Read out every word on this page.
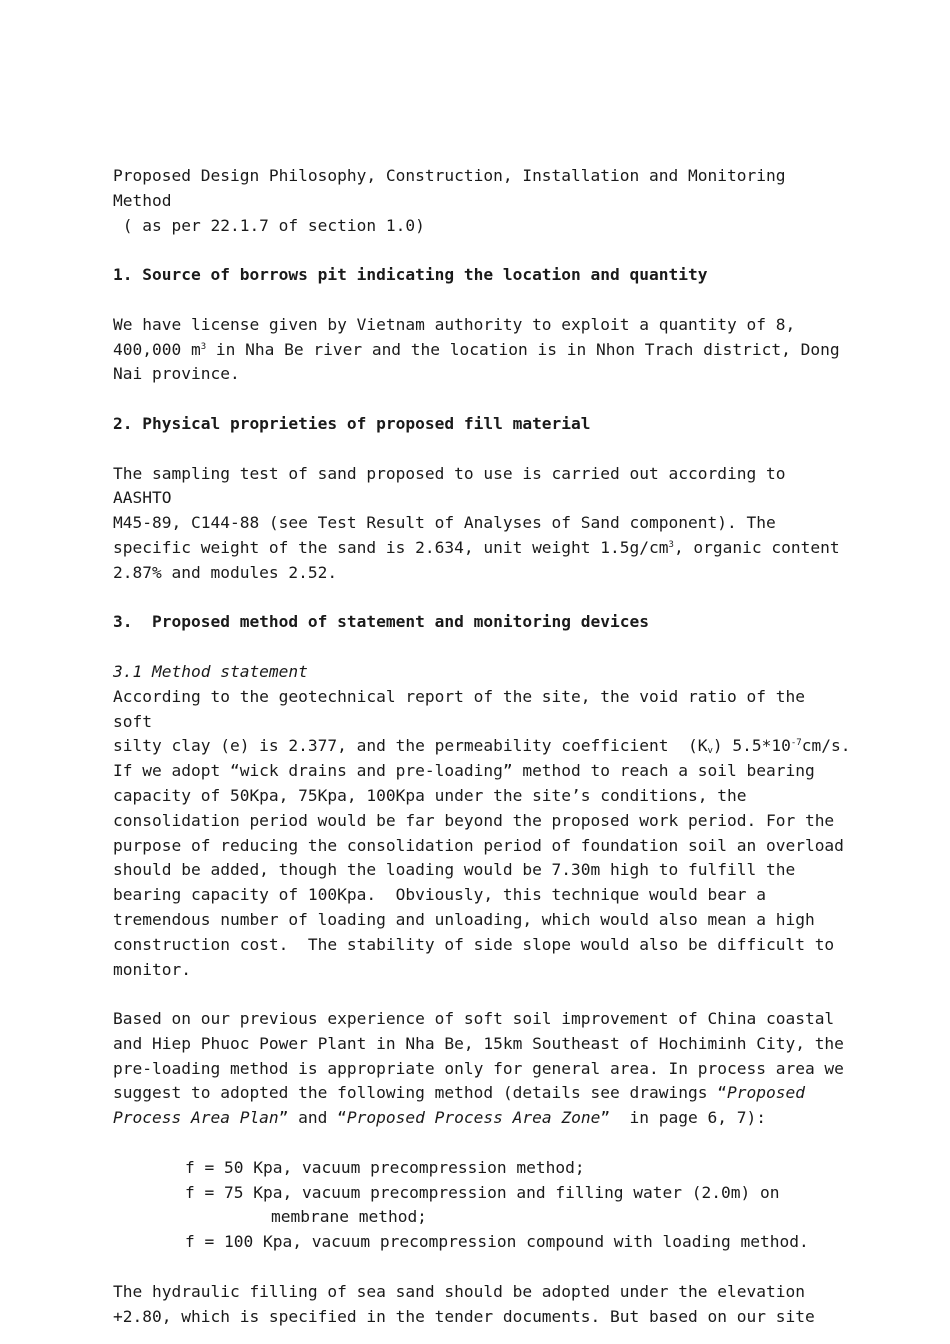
Proposed Design Philosophy, Construction, Installation and Monitoring Method
( as per 22.1.7 of section 1.0)

1. Source of borrows pit indicating the location and quantity

We have license given by Vietnam authority to exploit a quantity of 8,
400,000 $m^3$ in Nha Be river and the location is in Nhon Trach district, Dong
Nai province.

2. Physical proprieties of proposed fill material

The sampling test of sand proposed to use is carried out according to AASHTO
M45-89, C144-88 (see Test Result of Analyses of Sand component). The
specific weight of the sand is 2.634, unit weight $1.5g/cm^3$, organic content
2.87% and modules 2.52.

3.  Proposed method of statement and monitoring devices

3.1 Method statement

According to the geotechnical report of the site, the void ratio of the soft
silty clay (e) is 2.377, and the permeability coefficient  $(K_v)$ $5.5*10^{-7}cm/s$.
If we adopt “wick drains and pre-loading” method to reach a soil bearing
capacity of 50Kpa, 75Kpa, 100Kpa under the site’s conditions, the
consolidation period would be far beyond the proposed work period. For the
purpose of reducing the consolidation period of foundation soil an overload
should be added, though the loading would be 7.30m high to fulfill the
bearing capacity of 100Kpa.  Obviously, this technique would bear a
tremendous number of loading and unloading, which would also mean a high
construction cost.  The stability of side slope would also be difficult to
monitor.

Based on our previous experience of soft soil improvement of China coastal
and Hiep Phuoc Power Plant in Nha Be, 15km Southeast of Hochiminh City, the
pre-loading method is appropriate only for general area. In process area we
suggest to adopted the following method (details see drawings “Proposed
Process Area Plan” and “Proposed Process Area Zone”  in page 6, 7):

f = 50 Kpa, vacuum precompression method;

f = 75 Kpa, vacuum precompression and filling water (2.0m) on

membrane method;

f = 100 Kpa, vacuum precompression compound with loading method.

The hydraulic filling of sea sand should be adopted under the elevation
+2.80, which is specified in the tender documents. But based on our site
